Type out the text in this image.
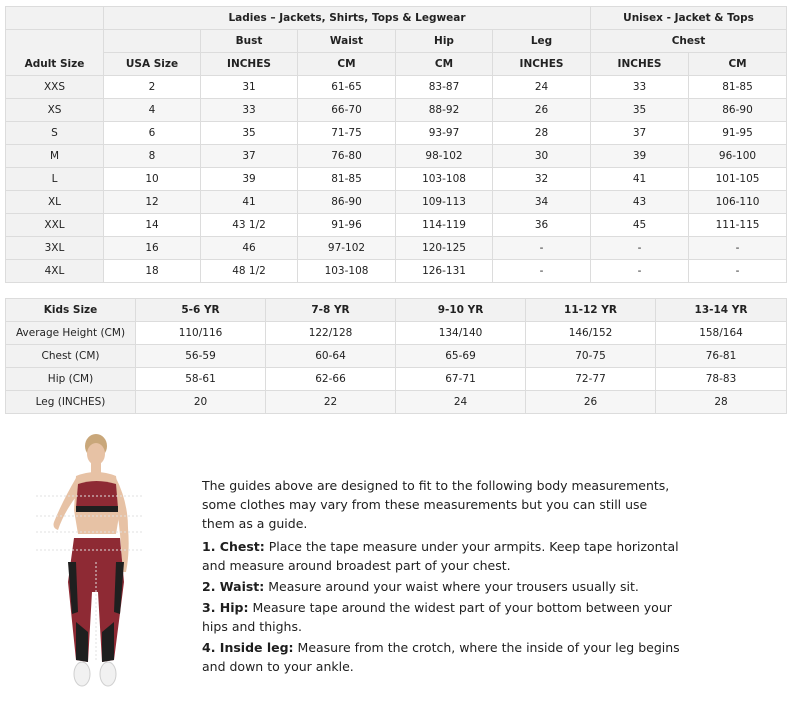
	Ladies – Jackets, Shirts, Tops & Legwear					Unisex - Jacket & Tops	
Adult Size		Bust	Waist	Hip	Leg	Chest	
	USA Size	INCHES	CM	CM	INCHES	INCHES	CM
XXS	2	31	61-65	83-87	24	33	81-85
XS	4	33	66-70	88-92	26	35	86-90
S	6	35	71-75	93-97	28	37	91-95
M	8	37	76-80	98-102	30	39	96-100
L	10	39	81-85	103-108	32	41	101-105
XL	12	41	86-90	109-113	34	43	106-110
XXL	14	43 1/2	91-96	114-119	36	45	111-115
3XL	16	46	97-102	120-125	-	-	-
4XL	18	48 1/2	103-108	126-131	-	-	-
Kids Size	5-6 YR	7-8 YR	9-10 YR	11-12 YR	13-14 YR
Average Height (CM)	110/116	122/128	134/140	146/152	158/164
Chest (CM)	56-59	60-64	65-69	70-75	76-81
Hip (CM)	58-61	62-66	67-71	72-77	78-83
Leg (INCHES)	20	22	24	26	28

The guides above are designed to fit to the following body measurements, some clothes may vary from these measurements but you can still use them as a guide.

1. Chest: Place the tape measure under your armpits. Keep tape horizontal and measure around broadest part of your chest.

2. Waist: Measure around your waist where your trousers usually sit.

3. Hip: Measure tape around the widest part of your bottom between your hips and thighs.

4. Inside leg: Measure from the crotch, where the inside of your leg begins and down to your ankle.
